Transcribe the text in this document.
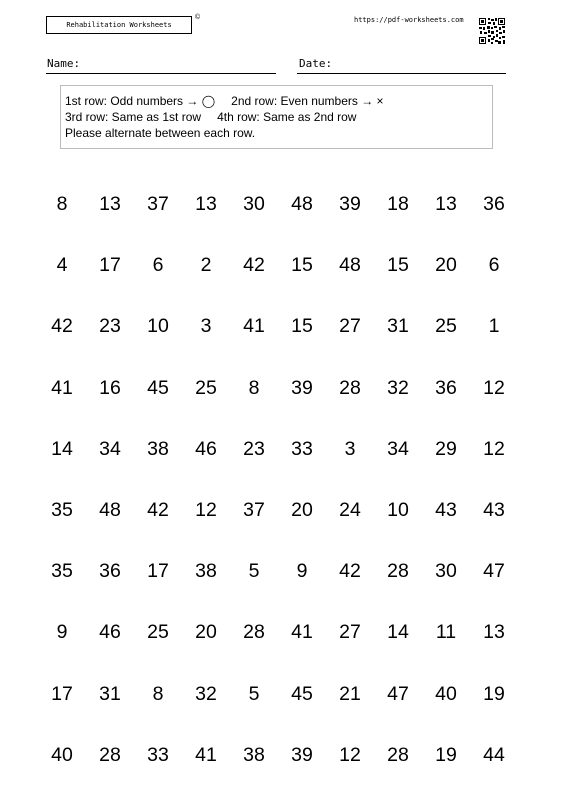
Rehabilitation Worksheets
©	https://pdf-worksheets.com
Name:	Date:
1st row: Odd numbers → ◯ 2nd row: Even numbers → ×
3rd row: Same as 1st row 4th row: Same as 2nd row
Please alternate between each row.
8	13	37	13	30	48	39	18	13	36
4	17	6	2	42	15	48	15	20	6
42	23	10	3	41	15	27	31	25	1
41	16	45	25	8	39	28	32	36	12
14	34	38	46	23	33	3	34	29	12
35	48	42	12	37	20	24	10	43	43
35	36	17	38	5	9	42	28	30	47
9	46	25	20	28	41	27	14	11	13
17	31	8	32	5	45	21	47	40	19
40	28	33	41	38	39	12	28	19	44
